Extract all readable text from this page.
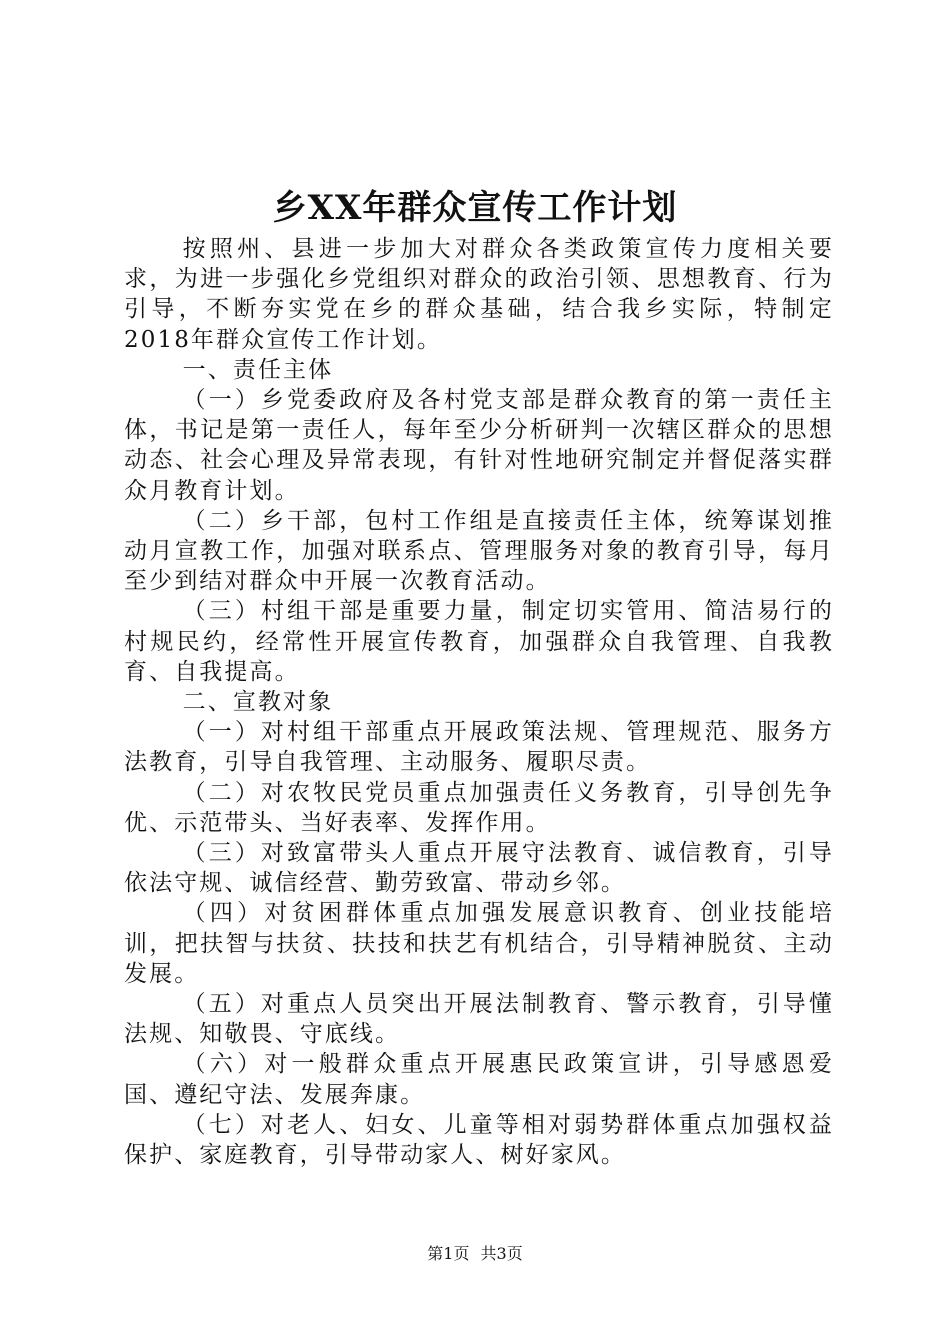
乡XX年群众宣传工作计划

按照州、县进一步加大对群众各类政策宣传力度相关要求，为进一步强化乡党组织对群众的政治引领、思想教育、行为引导，不断夯实党在乡的群众基础，结合我乡实际，特制定2018年群众宣传工作计划。

一、责任主体

（一）乡党委政府及各村党支部是群众教育的第一责任主体，书记是第一责任人，每年至少分析研判一次辖区群众的思想动态、社会心理及异常表现，有针对性地研究制定并督促落实群众月教育计划。

（二）乡干部，包村工作组是直接责任主体，统筹谋划推动月宣教工作，加强对联系点、管理服务对象的教育引导，每月至少到结对群众中开展一次教育活动。

（三）村组干部是重要力量，制定切实管用、简洁易行的村规民约，经常性开展宣传教育，加强群众自我管理、自我教育、自我提高。

二、宣教对象

（一）对村组干部重点开展政策法规、管理规范、服务方法教育，引导自我管理、主动服务、履职尽责。

（二）对农牧民党员重点加强责任义务教育，引导创先争优、示范带头、当好表率、发挥作用。

（三）对致富带头人重点开展守法教育、诚信教育，引导依法守规、诚信经营、勤劳致富、带动乡邻。

（四）对贫困群体重点加强发展意识教育、创业技能培训，把扶智与扶贫、扶技和扶艺有机结合，引导精神脱贫、主动发展。

（五）对重点人员突出开展法制教育、警示教育，引导懂法规、知敬畏、守底线。

（六）对一般群众重点开展惠民政策宣讲，引导感恩爱国、遵纪守法、发展奔康。

（七）对老人、妇女、儿童等相对弱势群体重点加强权益保护、家庭教育，引导带动家人、树好家风。

第1页 共3页
